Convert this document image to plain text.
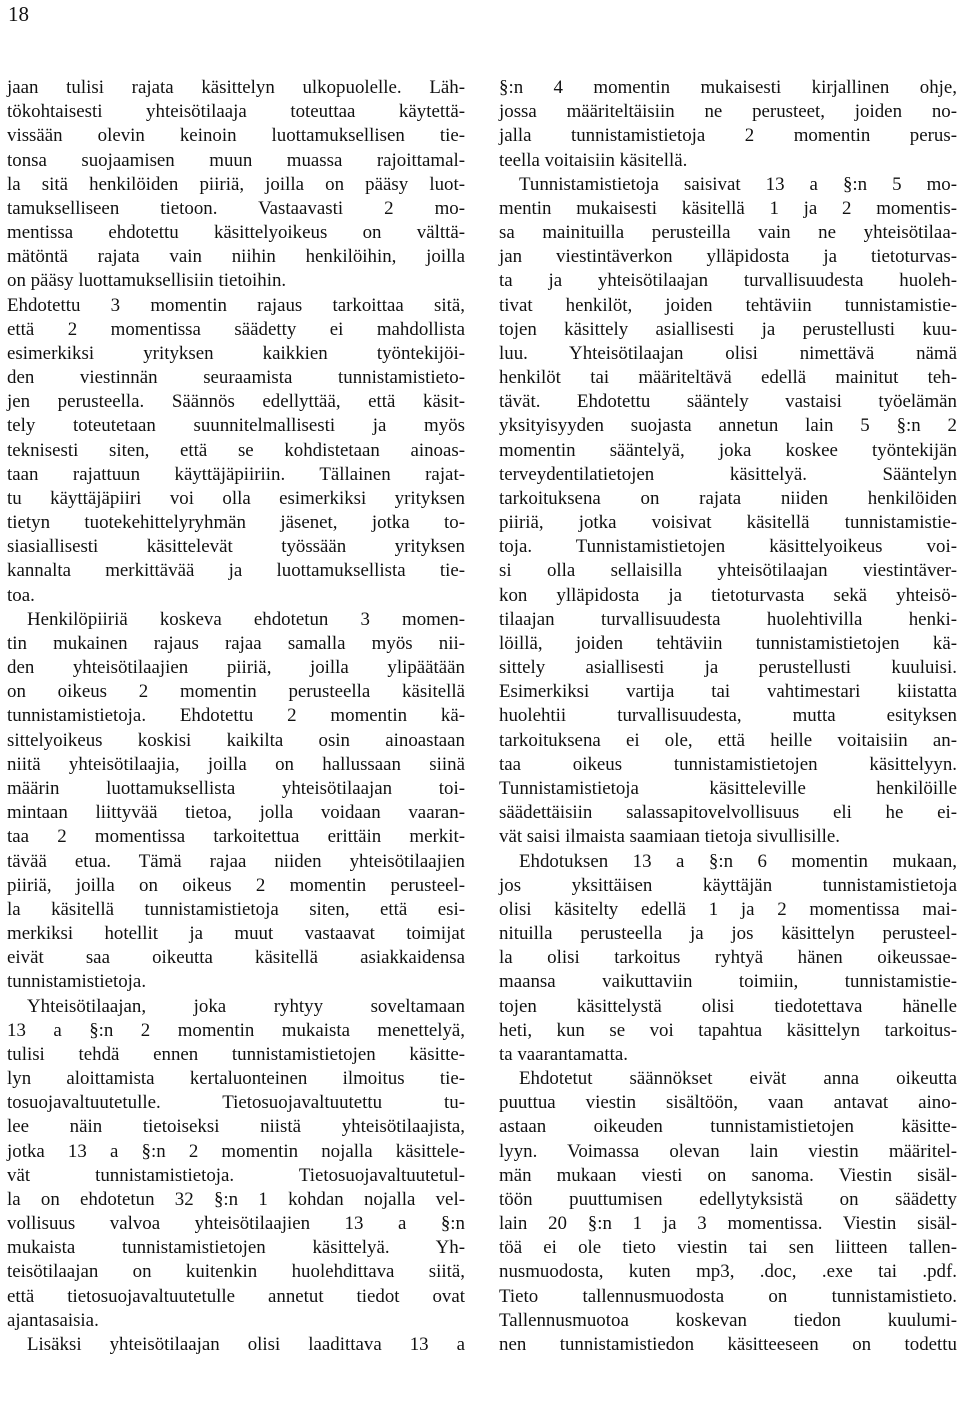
18
jaan tulisi rajata käsittelyn ulkopuolelle. Läh-
tökohtaisesti yhteisötilaaja toteuttaa käytettä-
vissään olevin keinoin luottamuksellisen tie-
tonsa suojaamisen muun muassa rajoittamal-
la sitä henkilöiden piiriä, joilla on pääsy luot-
tamukselliseen tietoon. Vastaavasti 2 mo-
mentissa ehdotettu käsittelyoikeus on välttä-
mätöntä rajata vain niihin henkilöihin, joilla
on pääsy luottamuksellisiin tietoihin.
Ehdotettu 3 momentin rajaus tarkoittaa sitä,
että 2 momentissa säädetty ei mahdollista
esimerkiksi yrityksen kaikkien työntekijöi-
den viestinnän seuraamista tunnistamistieto-
jen perusteella. Säännös edellyttää, että käsit-
tely toteutetaan suunnitelmallisesti ja myös
teknisesti siten, että se kohdistetaan ainoas-
taan rajattuun käyttäjäpiiriin. Tällainen rajat-
tu käyttäjäpiiri voi olla esimerkiksi yrityksen
tietyn tuotekehittelyryhmän jäsenet, jotka to-
siasiallisesti käsittelevät työssään yrityksen
kannalta merkittävää ja luottamuksellista tie-
toa.
Henkilöpiiriä koskeva ehdotetun 3 momen-
tin mukainen rajaus rajaa samalla myös nii-
den yhteisötilaajien piiriä, joilla ylipäätään
on oikeus 2 momentin perusteella käsitellä
tunnistamistietoja. Ehdotettu 2 momentin kä-
sittelyoikeus koskisi kaikilta osin ainoastaan
niitä yhteisötilaajia, joilla on hallussaan siinä
määrin luottamuksellista yhteisötilaajan toi-
mintaan liittyvää tietoa, jolla voidaan vaaran-
taa 2 momentissa tarkoitettua erittäin merkit-
tävää etua. Tämä rajaa niiden yhteisötilaajien
piiriä, joilla on oikeus 2 momentin perusteel-
la käsitellä tunnistamistietoja siten, että esi-
merkiksi hotellit ja muut vastaavat toimijat
eivät saa oikeutta käsitellä asiakkaidensa
tunnistamistietoja.
Yhteisötilaajan, joka ryhtyy soveltamaan
13 a §:n 2 momentin mukaista menettelyä,
tulisi tehdä ennen tunnistamistietojen käsitte-
lyn aloittamista kertaluonteinen ilmoitus tie-
tosuojavaltuutetulle. Tietosuojavaltuutettu tu-
lee näin tietoiseksi niistä yhteisötilaajista,
jotka 13 a §:n 2 momentin nojalla käsittele-
vät tunnistamistietoja. Tietosuojavaltuutetul-
la on ehdotetun 32 §:n 1 kohdan nojalla vel-
vollisuus valvoa yhteisötilaajien 13 a §:n
mukaista tunnistamistietojen käsittelyä. Yh-
teisötilaajan on kuitenkin huolehdittava siitä,
että tietosuojavaltuutetulle annetut tiedot ovat
ajantasaisia.
Lisäksi yhteisötilaajan olisi laadittava 13 a
§:n 4 momentin mukaisesti kirjallinen ohje,
jossa määriteltäisiin ne perusteet, joiden no-
jalla tunnistamistietoja 2 momentin perus-
teella voitaisiin käsitellä.
Tunnistamistietoja saisivat 13 a §:n 5 mo-
mentin mukaisesti käsitellä 1 ja 2 momentis-
sa mainituilla perusteilla vain ne yhteisötilaa-
jan viestintäverkon ylläpidosta ja tietoturvas-
ta ja yhteisötilaajan turvallisuudesta huoleh-
tivat henkilöt, joiden tehtäviin tunnistamistie-
tojen käsittely asiallisesti ja perustellusti kuu-
luu. Yhteisötilaajan olisi nimettävä nämä
henkilöt tai määriteltävä edellä mainitut teh-
tävät. Ehdotettu sääntely vastaisi työelämän
yksityisyyden suojasta annetun lain 5 §:n 2
momentin sääntelyä, joka koskee työntekijän
terveydentilatietojen käsittelyä. Sääntelyn
tarkoituksena on rajata niiden henkilöiden
piiriä, jotka voisivat käsitellä tunnistamistie-
toja. Tunnistamistietojen käsittelyoikeus voi-
si olla sellaisilla yhteisötilaajan viestintäver-
kon ylläpidosta ja tietoturvasta sekä yhteisö-
tilaajan turvallisuudesta huolehtivilla henki-
löillä, joiden tehtäviin tunnistamistietojen kä-
sittely asiallisesti ja perustellusti kuuluisi.
Esimerkiksi vartija tai vahtimestari kiistatta
huolehtii turvallisuudesta, mutta esityksen
tarkoituksena ei ole, että heille voitaisiin an-
taa oikeus tunnistamistietojen käsittelyyn.
Tunnistamistietoja käsitteleville henkilöille
säädettäisiin salassapitovelvollisuus eli he ei-
vät saisi ilmaista saamiaan tietoja sivullisille.
Ehdotuksen 13 a §:n 6 momentin mukaan,
jos yksittäisen käyttäjän tunnistamistietoja
olisi käsitelty edellä 1 ja 2 momentissa mai-
nituilla perusteella ja jos käsittelyn perusteel-
la olisi tarkoitus ryhtyä hänen oikeussae-
maansa vaikuttaviin toimiin, tunnistamistie-
tojen käsittelystä olisi tiedotettava hänelle
heti, kun se voi tapahtua käsittelyn tarkoitus-
ta vaarantamatta.
Ehdotetut säännökset eivät anna oikeutta
puuttua viestin sisältöön, vaan antavat aino-
astaan oikeuden tunnistamistietojen käsitte-
lyyn. Voimassa olevan lain viestin määritel-
män mukaan viesti on sanoma. Viestin sisäl-
töön puuttumisen edellytyksistä on säädetty
lain 20 §:n 1 ja 3 momentissa. Viestin sisäl-
töä ei ole tieto viestin tai sen liitteen tallen-
nusmuodosta, kuten mp3, .doc, .exe tai .pdf.
Tieto tallennusmuodosta on tunnistamistieto.
Tallennusmuotoa koskevan tiedon kuulumi-
nen tunnistamistiedon käsitteeseen on todettu
